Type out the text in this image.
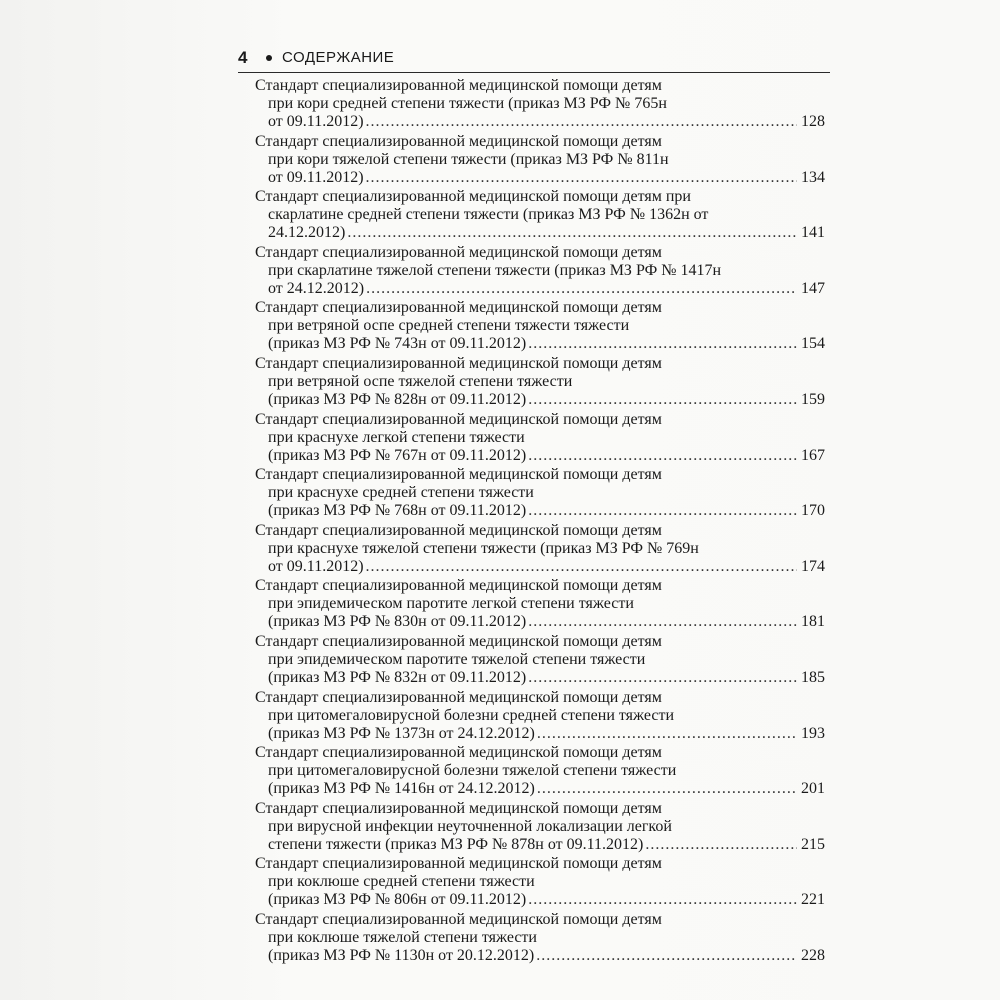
4 СОДЕРЖАНИЕ
Стандарт специализированной медицинской помощи детям
при кори средней степени тяжести (приказ МЗ РФ № 765н
от 09.11.2012) .....	128
Стандарт специализированной медицинской помощи детям
при кори тяжелой степени тяжести (приказ МЗ РФ № 811н
от 09.11.2012) .....	134
Стандарт специализированной медицинской помощи детям при
скарлатине средней степени тяжести (приказ МЗ РФ № 1362н от
24.12.2012) .....	141
Стандарт специализированной медицинской помощи детям
при скарлатине тяжелой степени тяжести (приказ МЗ РФ № 1417н
от 24.12.2012) .....	147
Стандарт специализированной медицинской помощи детям
при ветряной оспе средней степени тяжести тяжести
(приказ МЗ РФ № 743н от 09.11.2012) .....	154
Стандарт специализированной медицинской помощи детям
при ветряной оспе тяжелой степени тяжести
(приказ МЗ РФ № 828н от 09.11.2012) .....	159
Стандарт специализированной медицинской помощи детям
при краснухе легкой степени тяжести
(приказ МЗ РФ № 767н от 09.11.2012) .....	167
Стандарт специализированной медицинской помощи детям
при краснухе средней степени тяжести
(приказ МЗ РФ № 768н от 09.11.2012) .....	170
Стандарт специализированной медицинской помощи детям
при краснухе тяжелой степени тяжести (приказ МЗ РФ № 769н
от 09.11.2012) .....	174
Стандарт специализированной медицинской помощи детям
при эпидемическом паротите легкой степени тяжести
(приказ МЗ РФ № 830н от 09.11.2012) .....	181
Стандарт специализированной медицинской помощи детям
при эпидемическом паротите тяжелой степени тяжести
(приказ МЗ РФ № 832н от 09.11.2012) .....	185
Стандарт специализированной медицинской помощи детям
при цитомегаловирусной болезни средней степени тяжести
(приказ МЗ РФ № 1373н от 24.12.2012) .....	193
Стандарт специализированной медицинской помощи детям
при цитомегаловирусной болезни тяжелой степени тяжести
(приказ МЗ РФ № 1416н от 24.12.2012) .....	201
Стандарт специализированной медицинской помощи детям
при вирусной инфекции неуточненной локализации легкой
степени тяжести (приказ МЗ РФ № 878н от 09.11.2012) .....	215
Стандарт специализированной медицинской помощи детям
при коклюше средней степени тяжести
(приказ МЗ РФ № 806н от 09.11.2012) .....	221
Стандарт специализированной медицинской помощи детям
при коклюше тяжелой степени тяжести
(приказ МЗ РФ № 1130н от 20.12.2012) .....	228
